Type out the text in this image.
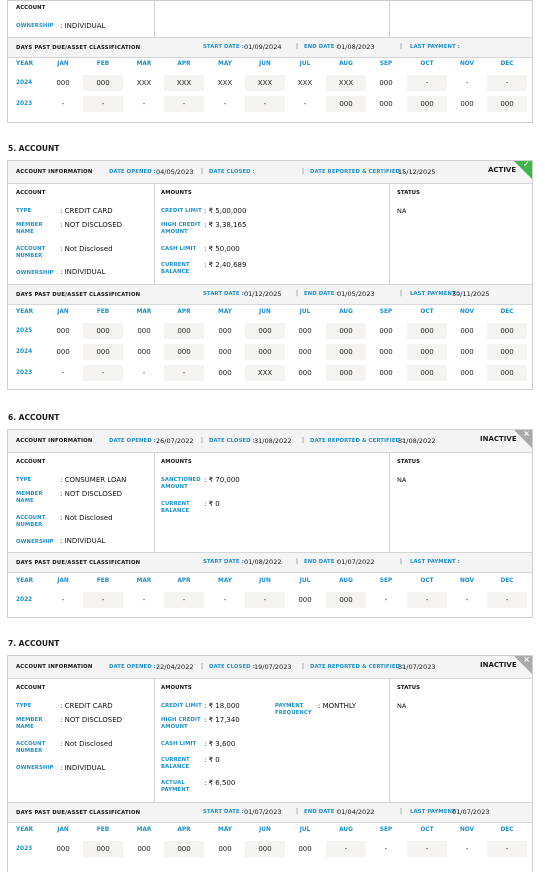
ACCOUNT
OWNERSHIP : INDIVIDUAL
DAYS PAST DUE/ASSET CLASSIFICATION	START DATE : 01/09/2024 | END DATE :
01/08/2023	| LAST PAYMENT :
YEAR	JAN	FEB	MAR	APR	MAY	JUN	JUL	AUG	SEP	OCT	NOV	DEC
2024	000	000	XXX	XXX	XXX	XXX	XXX	XXX	000	-	-	-
2023	-	-	-	-	-	-	-	000	000	000	000	000
5. ACCOUNT
ACCOUNT INFORMATION	DATE OPENED : 04/05/2023 | DATE CLOSED :	| DATE REPORTED & CERTIFIED :
15/12/2025	ACTIVE ✓
ACCOUNT
TYPE	: CREDIT CARD
MEMBER NAME
: NOT DISCLOSED
ACCOUNT NUMBER
: Not Disclosed
OWNERSHIP : INDIVIDUAL
AMOUNTS
CREDIT LIMIT : ₹ 5,00,000
HIGH CREDIT AMOUNT
: ₹ 3,38,165
CASH LIMIT : ₹ 50,000
CURRENT BALANCE
: ₹ 2,40,689
STATUS
NA
DAYS PAST DUE/ASSET CLASSIFICATION	START DATE : 01/12/2025 | END DATE :
01/05/2023	| LAST PAYMENT :
30/11/2025
YEAR	JAN	FEB	MAR	APR	MAY	JUN	JUL	AUG	SEP	OCT	NOV	DEC
2025	000	000	000	000	000	000	000	000	000	000	000	000
2024	000	000	000	000	000	000	000	000	000	000	000	000
2023	-	-	-	-	000	XXX	000	000	000	000	000	000
6. ACCOUNT
ACCOUNT INFORMATION	DATE OPENED : 26/07/2022 | DATE CLOSED : 31/08/2022 | DATE REPORTED & CERTIFIED :
31/08/2022	INACTIVE
×
ACCOUNT
TYPE	: CONSUMER LOAN
MEMBER NAME
: NOT DISCLOSED
ACCOUNT NUMBER
: Not Disclosed
OWNERSHIP : INDIVIDUAL
AMOUNTS
SANCTIONED AMOUNT
: ₹ 70,000
CURRENT BALANCE
: ₹ 0
STATUS
NA
DAYS PAST DUE/ASSET CLASSIFICATION	START DATE : 01/08/2022 | END DATE :
01/07/2022	| LAST PAYMENT :
YEAR	JAN	FEB	MAR	APR	MAY	JUN	JUL	AUG	SEP	OCT	NOV	DEC
2022	-	-	-	-	-	-	000	000	-	-	-	-
7. ACCOUNT
ACCOUNT INFORMATION	DATE OPENED : 22/04/2022 | DATE CLOSED : 19/07/2023 | DATE REPORTED & CERTIFIED :
31/07/2023	INACTIVE
×
ACCOUNT
TYPE	: CREDIT CARD
MEMBER NAME
: NOT DISCLOSED
ACCOUNT NUMBER
: Not Disclosed
OWNERSHIP : INDIVIDUAL
AMOUNTS
CREDIT LIMIT : ₹ 18,000
HIGH CREDIT AMOUNT
: ₹ 17,340
CASH LIMIT : ₹ 3,600
CURRENT BALANCE
: ₹ 0
ACTUAL PAYMENT
: ₹ 6,500
PAYMENT FREQUENCY
: MONTHLY
STATUS
NA
DAYS PAST DUE/ASSET CLASSIFICATION	START DATE : 01/07/2023 | END DATE :
01/04/2022	| LAST PAYMENT :
01/07/2023
YEAR	JAN	FEB	MAR	APR	MAY	JUN	JUL	AUG	SEP	OCT	NOV	DEC
2023	000	000	000	000	000	000	000	-	-	-	-	-
